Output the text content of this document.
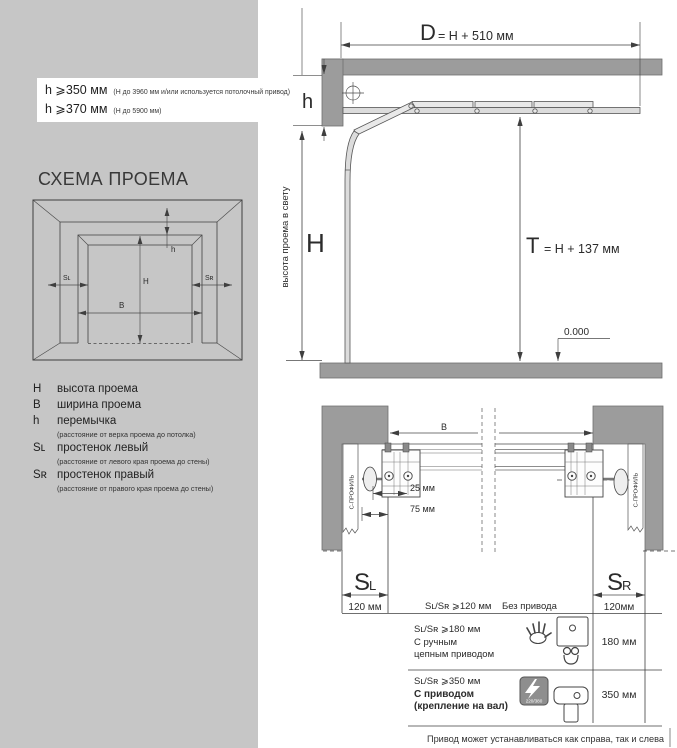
h ⩾350 мм (H до 3960 мм и/или используется потолочный привод)
h ⩾370 мм (H до 5900 мм)
СХЕМА ПРОЕМА
h
H
B
Sʟ	Sʀ
H	высота проема
B	ширина проема
h	перемычка
(расстояние от верха проема до потолка)
Sʟ	простенок левый
(расстояние от левого края проема до стены)
Sʀ простенок правый
(расстояние от правого края проема до стены)
D = H + 510 мм
h
H
высота проема в свету	T = H + 137 мм
0.000
С-ПРОФИЛЬ	С-ПРОФИЛЬ
B
25 мм
75 мм
S
L
120 мм
S
R
120мм
Sʟ/Sʀ ⩾120 мм Без привода
Sʟ/Sʀ ⩾180 мм
С ручным
цепным приводом
180 мм
Sʟ/Sʀ ⩾350 мм
С приводом
(крепление на вал)	220/380	350 мм
Привод может устанавливаться как справа, так и слева
